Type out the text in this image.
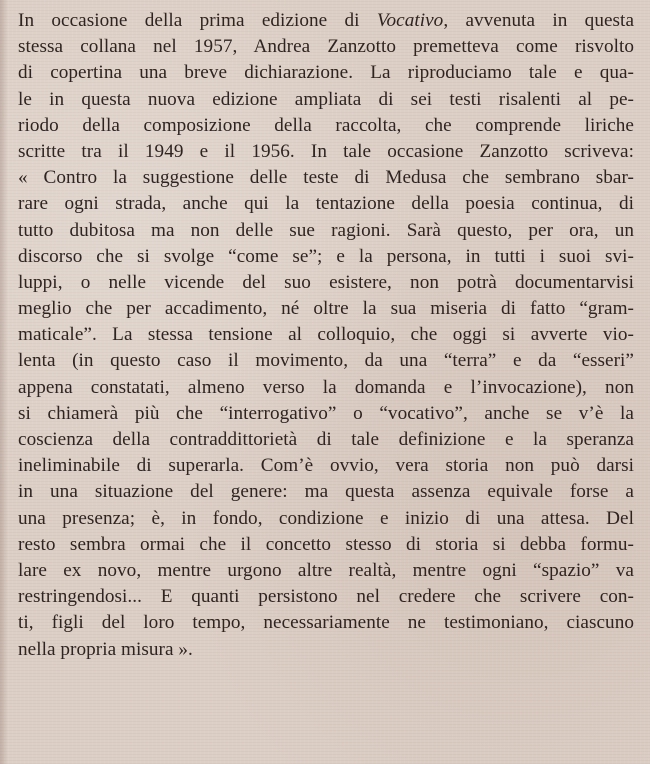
In occasione della prima edizione di Vocativo, avvenuta in questa
stessa collana nel 1957, Andrea Zanzotto premetteva come risvolto
di copertina una breve dichiarazione. La riproduciamo tale e qua-
le in questa nuova edizione ampliata di sei testi risalenti al pe-
riodo della composizione della raccolta, che comprende liriche
scritte tra il 1949 e il 1956. In tale occasione Zanzotto scriveva:
« Contro la suggestione delle teste di Medusa che sembrano sbar-
rare ogni strada, anche qui la tentazione della poesia continua, di
tutto dubitosa ma non delle sue ragioni. Sarà questo, per ora, un
discorso che si svolge “come se”; e la persona, in tutti i suoi svi-
luppi, o nelle vicende del suo esistere, non potrà documentarvisi
meglio che per accadimento, né oltre la sua miseria di fatto “gram-
maticale”. La stessa tensione al colloquio, che oggi si avverte vio-
lenta (in questo caso il movimento, da una “terra” e da “esseri”
appena constatati, almeno verso la domanda e l’invocazione), non
si chiamerà più che “interrogativo” o “vocativo”, anche se v’è la
coscienza della contraddittorietà di tale definizione e la speranza
ineliminabile di superarla. Com’è ovvio, vera storia non può darsi
in una situazione del genere: ma questa assenza equivale forse a
una presenza; è, in fondo, condizione e inizio di una attesa. Del
resto sembra ormai che il concetto stesso di storia si debba formu-
lare ex novo, mentre urgono altre realtà, mentre ogni “spazio” va
restringendosi... E quanti persistono nel credere che scrivere con-
ti, figli del loro tempo, necessariamente ne testimoniano, ciascuno
nella propria misura ».
